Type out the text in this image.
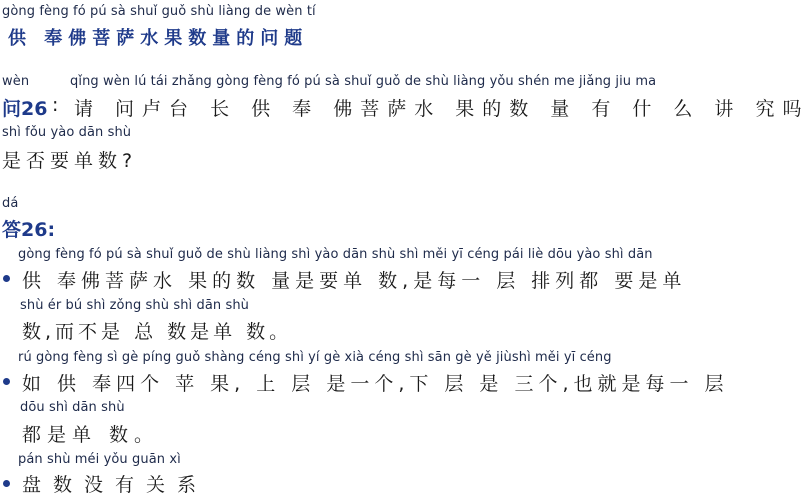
gòng fèng fó pú sà shuǐ guǒ shù liàng de wèn tí
供 奉佛菩萨水果数量的问题
wèn	qǐng wèn lú tái zhǎng gòng fèng fó pú sà shuǐ guǒ de shù liàng yǒu shén me jiǎng jiu ma
问26 : 请 问卢台 长 供 奉 佛菩萨水 果的数 量 有 什 么 讲 究吗
shì fǒu yào dān shù
是否要单数?
dá
答26:
gòng fèng fó pú sà shuǐ guǒ de shù liàng shì yào dān shù shì měi yī céng pái liè dōu yào shì dān
供 奉佛菩萨水 果的数 量是要单 数,是每一 层 排列都 要是单
shù ér bú shì zǒng shù shì dān shù
数,而不是 总 数是单 数。
rú gòng fèng sì gè píng guǒ shàng céng shì yí gè xià céng shì sān gè yě jiùshì měi yī céng
如 供 奉四个 苹 果, 上 层 是一个,下 层 是 三个,也就是每一 层
dōu shì dān shù
都是单 数。
pán shù méi yǒu guān xì
盘数没有关系
